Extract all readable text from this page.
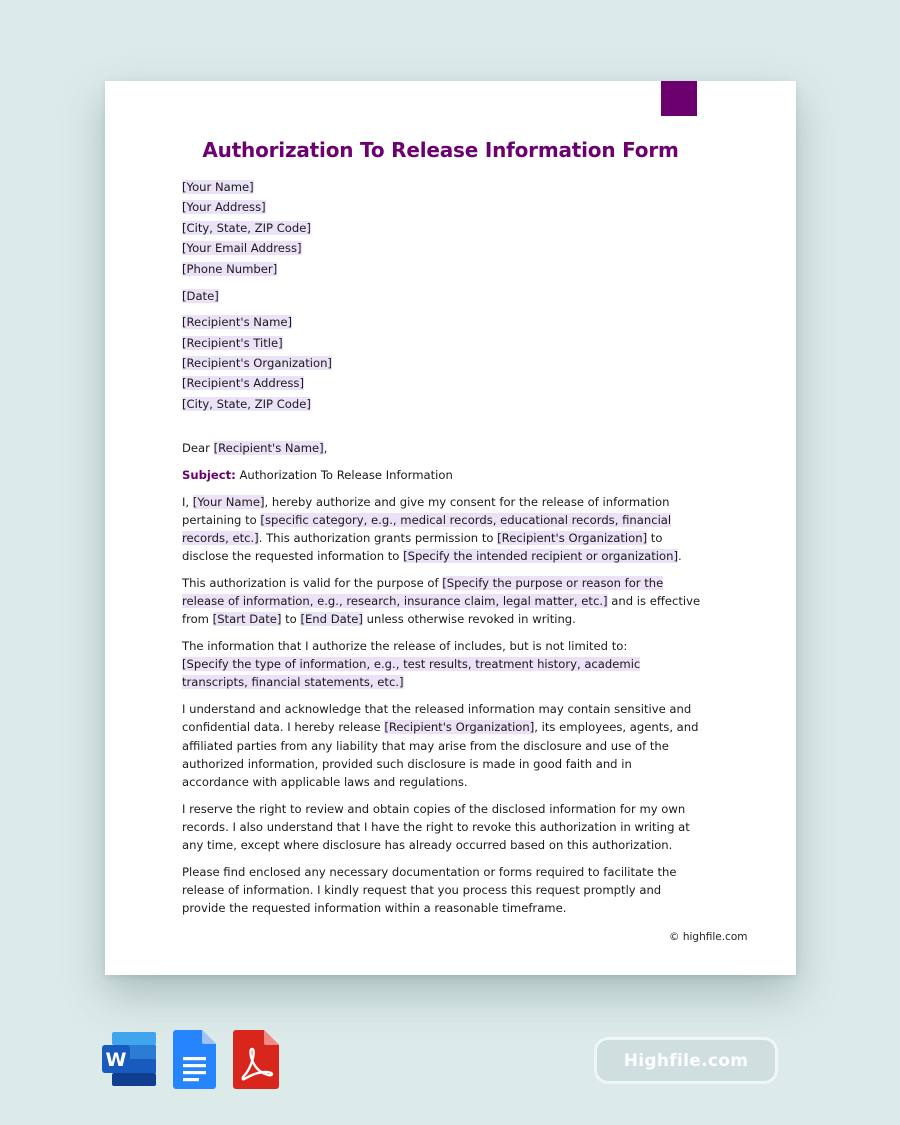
Authorization To Release Information Form
[Your Name]
[Your Address]
[City, State, ZIP Code]
[Your Email Address]
[Phone Number]
[Date]
[Recipient's Name]
[Recipient's Title]
[Recipient's Organization]
[Recipient's Address]
[City, State, ZIP Code]

Dear [Recipient's Name],

Subject: Authorization To Release Information

I, [Your Name], hereby authorize and give my consent for the release of information pertaining to [specific category, e.g., medical records, educational records, financial records, etc.]. This authorization grants permission to [Recipient's Organization] to disclose the requested information to [Specify the intended recipient or organization].

This authorization is valid for the purpose of [Specify the purpose or reason for the release of information, e.g., research, insurance claim, legal matter, etc.] and is effective from [Start Date] to [End Date] unless otherwise revoked in writing.

The information that I authorize the release of includes, but is not limited to:
[Specify the type of information, e.g., test results, treatment history, academic transcripts, financial statements, etc.]

I understand and acknowledge that the released information may contain sensitive and confidential data. I hereby release [Recipient's Organization], its employees, agents, and affiliated parties from any liability that may arise from the disclosure and use of the authorized information, provided such disclosure is made in good faith and in accordance with applicable laws and regulations.

I reserve the right to review and obtain copies of the disclosed information for my own records. I also understand that I have the right to revoke this authorization in writing at any time, except where disclosure has already occurred based on this authorization.

Please find enclosed any necessary documentation or forms required to facilitate the release of information. I kindly request that you process this request promptly and provide the requested information within a reasonable timeframe.

© highfile.com
W	Highfile.com
